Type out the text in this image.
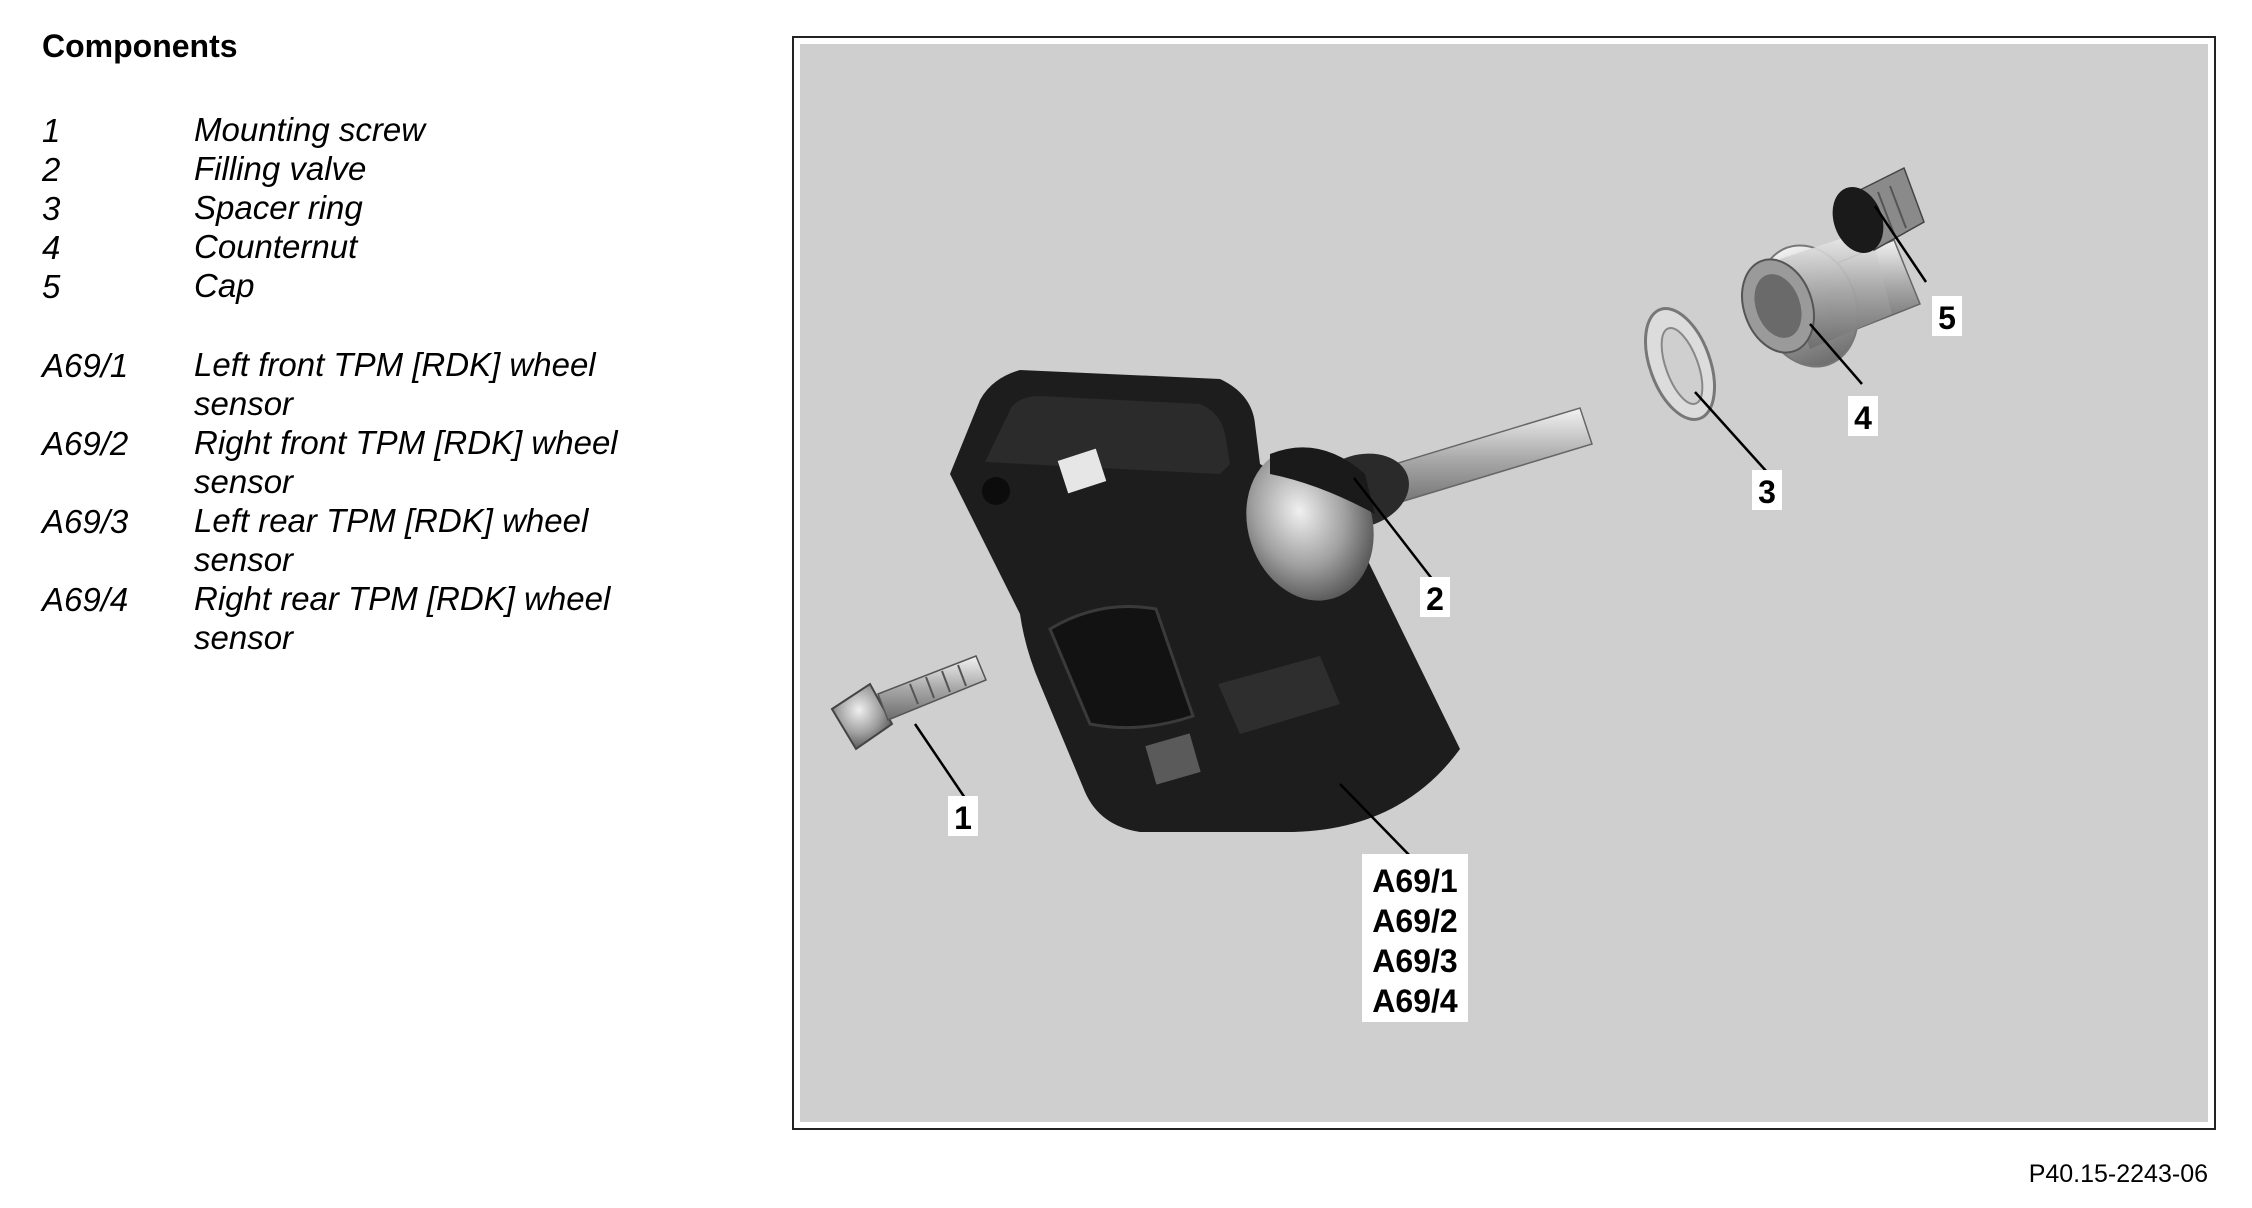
Components
1	Mounting screw
2	Filling valve
3	Spacer ring
4	Counternut
5	Cap
A69/1	Left front TPM [RDK] wheel sensor
A69/2	Right front TPM [RDK] wheel sensor
A69/3	Left rear TPM [RDK] wheel sensor
A69/4	Right rear TPM [RDK] wheel sensor
1
2
3
4
5
A69/1
A69/2
A69/3
A69/4
P40.15-2243-06
